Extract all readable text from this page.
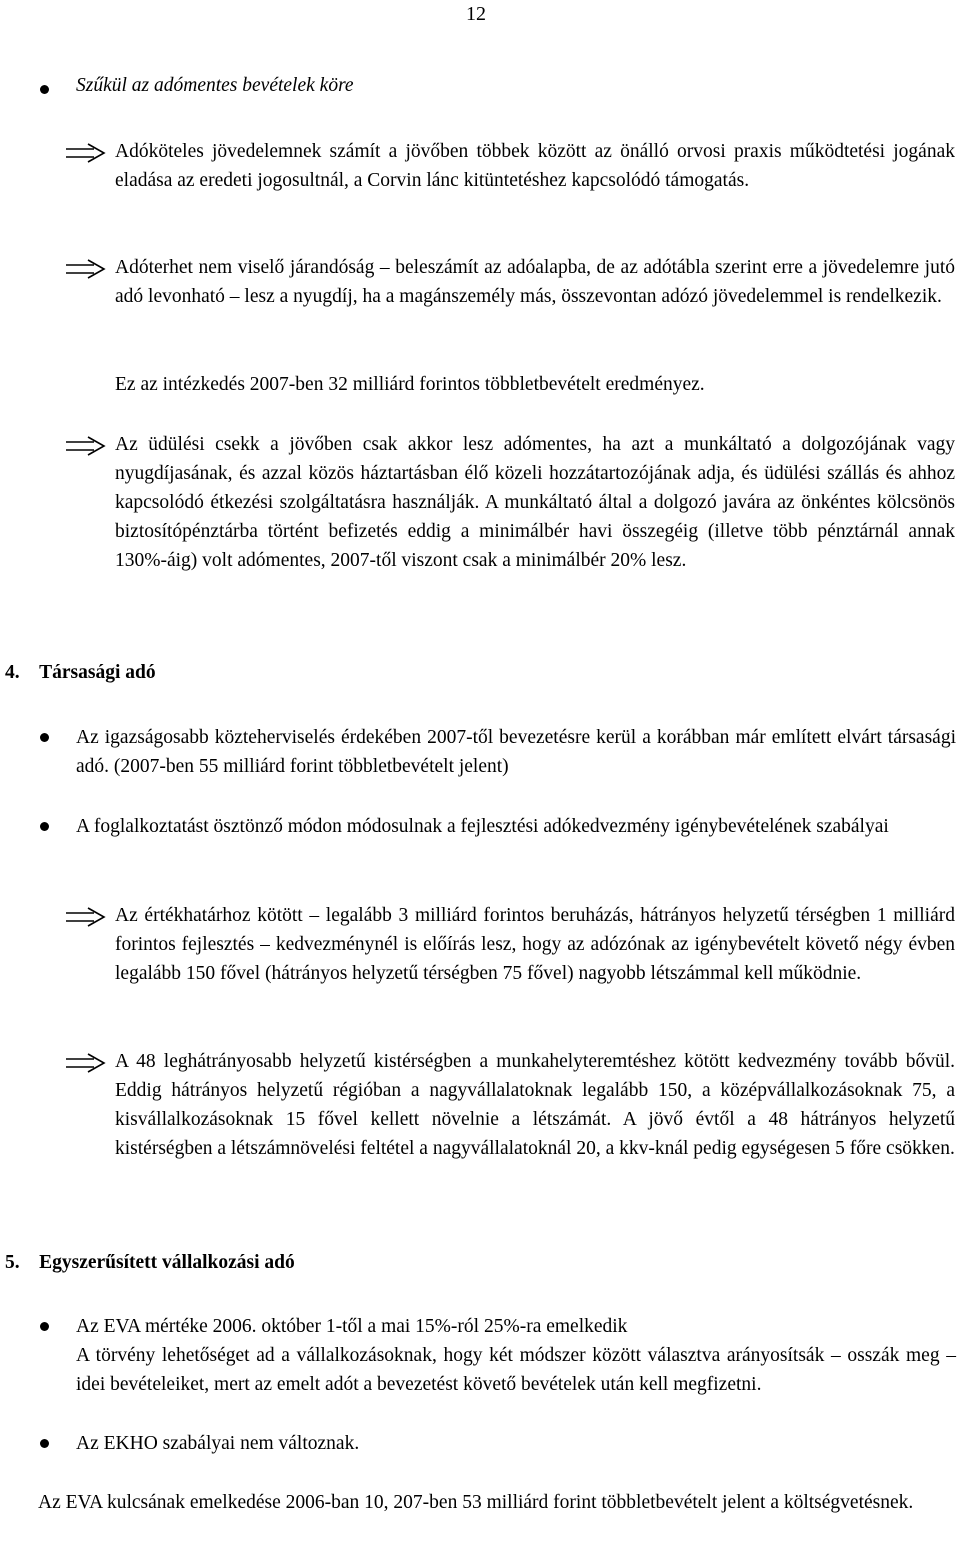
12
Szűkül az adómentes bevételek köre
Adóköteles jövedelemnek számít a jövőben többek között az önálló orvosi praxis működtetési jogának eladása az eredeti jogosultnál, a Corvin lánc kitüntetéshez kapcsolódó támogatás.
Adóterhet nem viselő járandóság – beleszámít az adóalapba, de az adótábla szerint erre a jövedelemre jutó adó levonható – lesz a nyugdíj, ha a magánszemély más, összevontan adózó jövedelemmel is rendelkezik.
Ez az intézkedés 2007-ben 32 milliárd forintos többletbevételt eredményez.
Az üdülési csekk a jövőben csak akkor lesz adómentes, ha azt a munkáltató a dolgozójának vagy nyugdíjasának, és azzal közös háztartásban élő közeli hozzátartozójának adja, és üdülési szállás és ahhoz kapcsolódó étkezési szolgáltatásra használják. A munkáltató által a dolgozó javára az önkéntes kölcsönös biztosítópénztárba történt befizetés eddig a minimálbér havi összegéig (illetve több pénztárnál annak 130%-áig) volt adómentes, 2007-től viszont csak a minimálbér 20% lesz.
4. Társasági adó
Az igazságosabb közteherviselés érdekében 2007-től bevezetésre kerül a korábban már említett elvárt társasági adó. (2007-ben 55 milliárd forint többletbevételt jelent)
A foglalkoztatást ösztönző módon módosulnak a fejlesztési adókedvezmény igénybevételének szabályai
Az értékhatárhoz kötött – legalább 3 milliárd forintos beruházás, hátrányos helyzetű térségben 1 milliárd forintos fejlesztés – kedvezménynél is előírás lesz, hogy az adózónak az igénybevételt követő négy évben legalább 150 fővel (hátrányos helyzetű térségben 75 fővel) nagyobb létszámmal kell működnie.
A 48 leghátrányosabb helyzetű kistérségben a munkahelyteremtéshez kötött kedvezmény tovább bővül. Eddig hátrányos helyzetű régióban a nagyvállalatoknak legalább 150, a középvállalkozásoknak 75, a kisvállalkozásoknak 15 fővel kellett növelnie a létszámát. A jövő évtől a 48 hátrányos helyzetű kistérségben a létszámnövelési feltétel a nagyvállalatoknál 20, a kkv-knál pedig egységesen 5 főre csökken.
5. Egyszerűsített vállalkozási adó
Az EVA mértéke 2006. október 1-től a mai 15%-ról 25%-ra emelkedik
A törvény lehetőséget ad a vállalkozásoknak, hogy két módszer között választva arányosítsák – osszák meg – idei bevételeiket, mert az emelt adót a bevezetést követő bevételek után kell megfizetni.
Az EKHO szabályai nem változnak.
Az EVA kulcsának emelkedése 2006-ban 10, 207-ben 53 milliárd forint többletbevételt jelent a költségvetésnek.
